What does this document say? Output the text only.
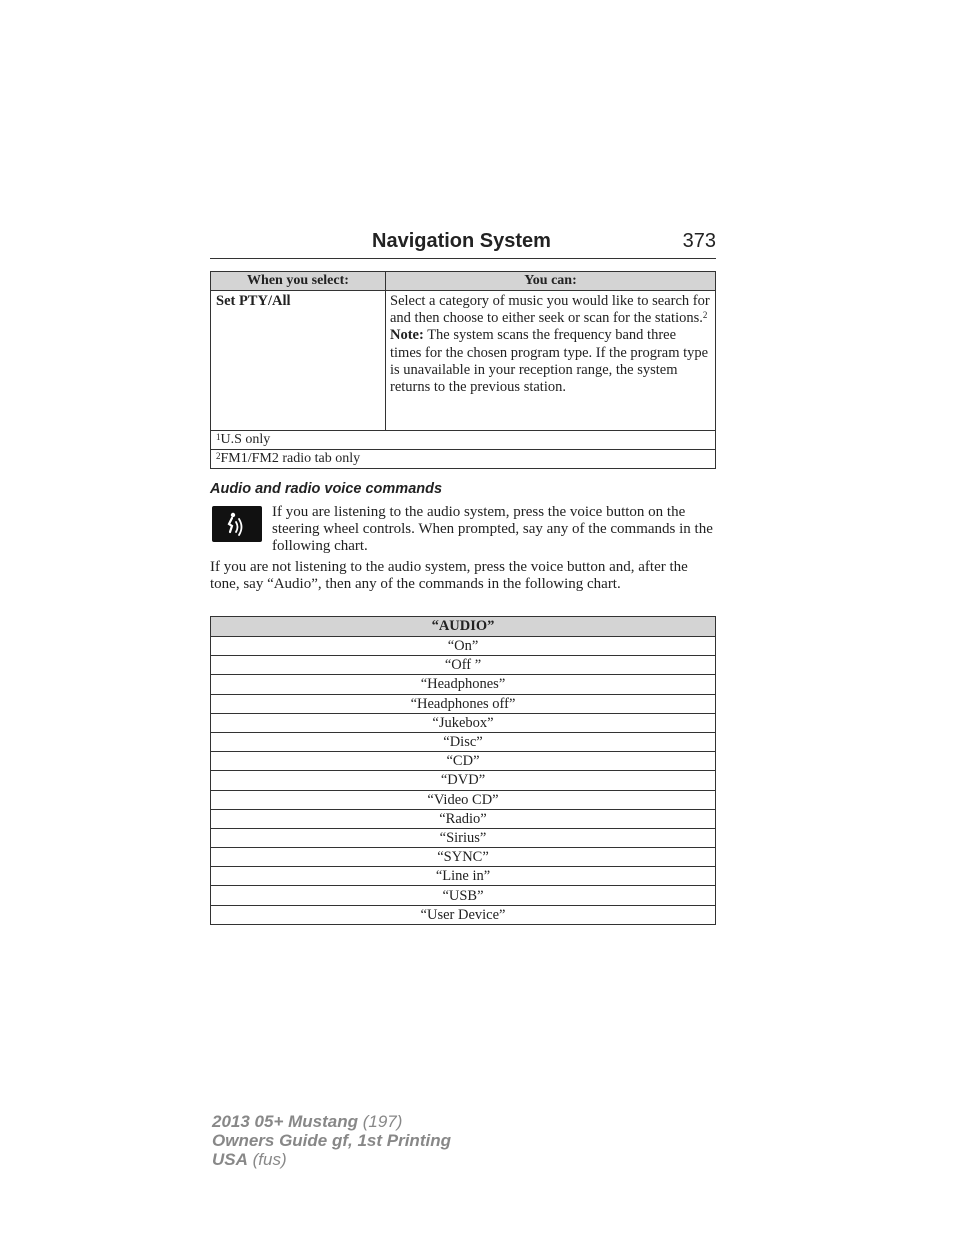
Navigation System	373
When you select:	You can:
Set PTY/All	Select a category of music you would like to search for and then choose to either seek or scan for the stations.$^2$
Note: The system scans the frequency band three times for the chosen program type. If the program type is unavailable in your reception range, the system returns to the previous station.
$^1$U.S only	
$^2$FM1/FM2 radio tab only	
Audio and radio voice commands
If you are listening to the audio system, press the voice button on the steering wheel controls. When prompted, say any of the commands in the following chart.
If you are not listening to the audio system, press the voice button and, after the tone, say “Audio”, then any of the commands in the following chart.
“AUDIO”
“On”
“Off ”
“Headphones”
“Headphones off”
“Jukebox”
“Disc”
“CD”
“DVD”
“Video CD”
“Radio”
“Sirius”
“SYNC”
“Line in”
“USB”
“User Device”
2013 05+ Mustang (197)
Owners Guide gf, 1st Printing
USA (fus)
